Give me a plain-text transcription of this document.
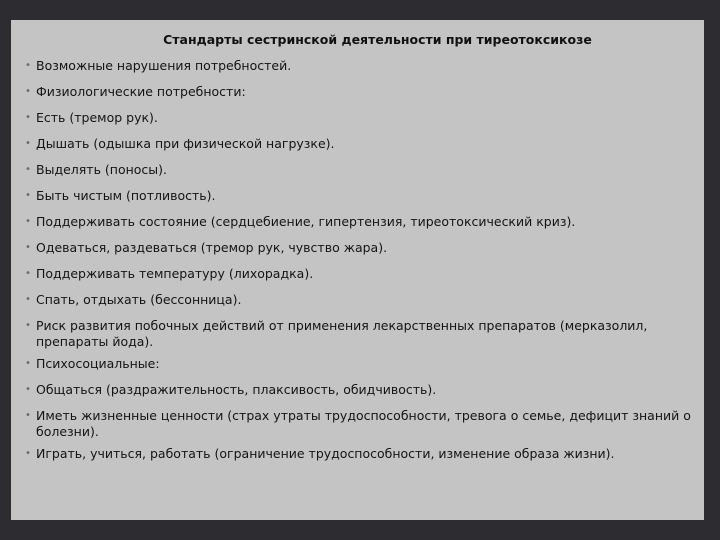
Стандарты сестринской деятельности при тиреотоксикозе
• Возможные нарушения потребностей.
• Физиологические потребности:
• Есть (тремор рук).
• Дышать (одышка при физической нагрузке).
• Выделять (поносы).
• Быть чистым (потливость).
• Поддерживать состояние (сердцебиение, гипертензия, тиреотоксический криз).
• Одеваться, раздеваться (тремор рук, чувство жара).
• Поддерживать температуру (лихорадка).
• Спать, отдыхать (бессонница).
• Риск развития побочных действий от применения лекарственных препаратов (мерказолил, препараты йода).
• Психосоциальные:
• Общаться (раздражительность, плаксивость, обидчивость).
• Иметь жизненные ценности (страх утраты трудоспособности, тревога о семье, дефицит знаний о болезни).
• Играть, учиться, работать (ограничение трудоспособности, изменение образа жизни).
